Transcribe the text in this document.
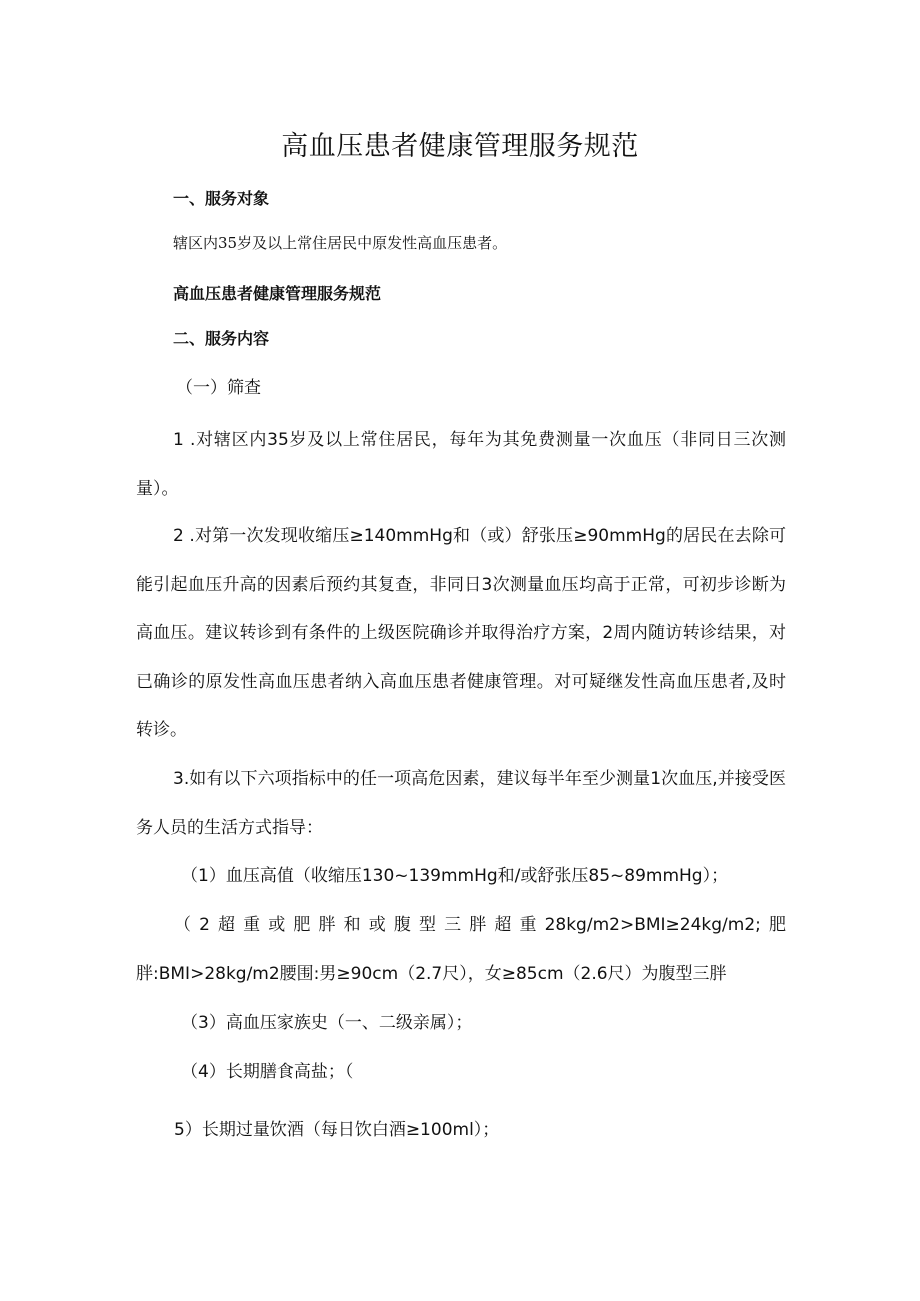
高血压患者健康管理服务规范

一、服务对象

辖区内35岁及以上常住居民中原发性高血压患者。

高血压患者健康管理服务规范

二、服务内容

（一）筛查

1 .对辖区内35岁及以上常住居民，每年为其免费测量一次血压（非同日三次测量）。

2 .对第一次发现收缩压≥140mmHg和（或）舒张压≥90mmHg的居民在去除可能引起血压升高的因素后预约其复查，非同日3次测量血压均高于正常，可初步诊断为高血压。建议转诊到有条件的上级医院确诊并取得治疗方案，2周内随访转诊结果，对已确诊的原发性高血压患者纳入高血压患者健康管理。对可疑继发性高血压患者,及时转诊。

3.如有以下六项指标中的任一项高危因素，建议每半年至少测量1次血压,并接受医务人员的生活方式指导：

（1）血压高值（收缩压130~139mmHg和/或舒张压85~89mmHg）；

（2超重或肥胖和或腹型三胖超重28kg∕m2>BMI≥24kg∕m2;肥

胖:BMI>28kg∕m2腰围:男≥90cm（2.7尺），女≥85cm（2.6尺）为腹型三胖

（3）高血压家族史（一、二级亲属）；

（4）长期膳食高盐；（

5）长期过量饮酒（每日饮白酒≥100ml）；
